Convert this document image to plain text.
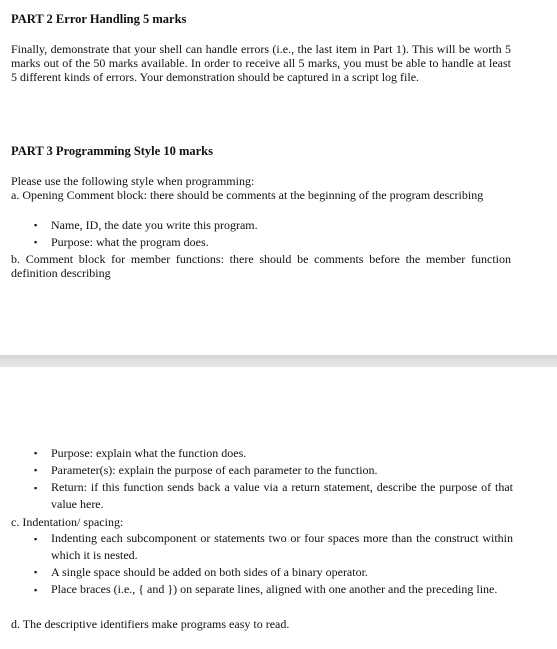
PART 2 Error Handling 5 marks
Finally, demonstrate that your shell can handle errors (i.e., the last item in Part 1). This will be worth 5 marks out of the 50 marks available. In order to receive all 5 marks, you must be able to handle at least 5 different kinds of errors. Your demonstration should be captured in a script log file.
PART 3 Programming Style 10 marks
Please use the following style when programming:
a. Opening Comment block: there should be comments at the beginning of the program describing
▪ Name, ID, the date you write this program.
▪ Purpose: what the program does.
b. Comment block for member functions: there should be comments before the member function definition describing
▪ Purpose: explain what the function does.
▪ Parameter(s): explain the purpose of each parameter to the function.
▪ Return: if this function sends back a value via a return statement, describe the purpose of that value here.
c. Indentation/ spacing:
▪ Indenting each subcomponent or statements two or four spaces more than the construct within which it is nested.
▪ A single space should be added on both sides of a binary operator.
▪ Place braces (i.e., { and }) on separate lines, aligned with one another and the preceding line.
d. The descriptive identifiers make programs easy to read.
